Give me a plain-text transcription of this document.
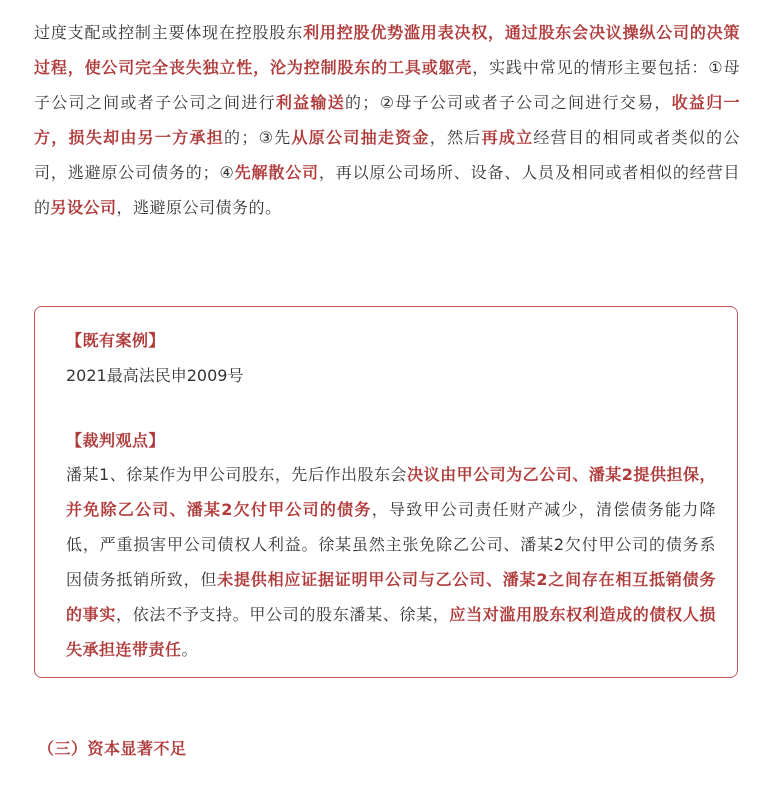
过度支配或控制主要体现在控股股东利用控股优势滥用表决权，通过股东会决议操纵公司的决策过程，使公司完全丧失独立性，沦为控制股东的工具或躯壳，实践中常见的情形主要包括：①母子公司之间或者子公司之间进行利益输送的；②母子公司或者子公司之间进行交易，收益归一方，损失却由另一方承担的；③先从原公司抽走资金，然后再成立经营目的相同或者类似的公司，逃避原公司债务的；④先解散公司，再以原公司场所、设备、人员及相同或者相似的经营目的另设公司，逃避原公司债务的。
【既有案例】
2021最高法民申2009号
【裁判观点】
潘某1、徐某作为甲公司股东，先后作出股东会决议由甲公司为乙公司、潘某2提供担保，并免除乙公司、潘某2欠付甲公司的债务，导致甲公司责任财产减少，清偿债务能力降低，严重损害甲公司债权人利益。徐某虽然主张免除乙公司、潘某2欠付甲公司的债务系因债务抵销所致，但未提供相应证据证明甲公司与乙公司、潘某2之间存在相互抵销债务的事实，依法不予支持。甲公司的股东潘某、徐某，应当对滥用股东权利造成的债权人损失承担连带责任。
（三）资本显著不足
